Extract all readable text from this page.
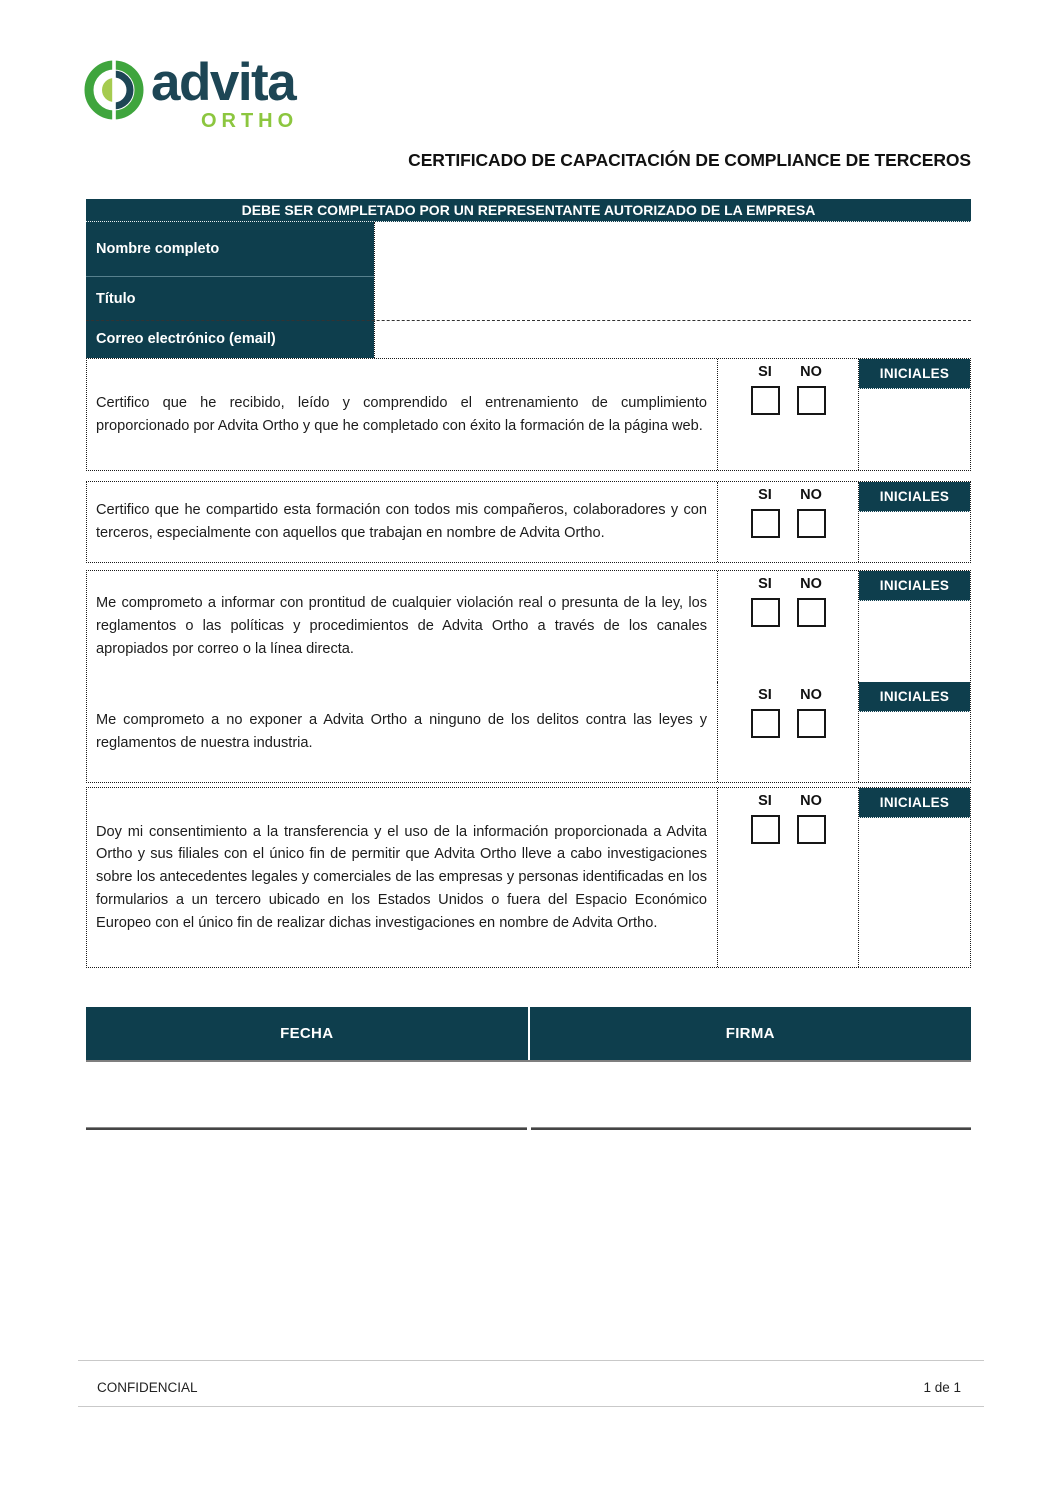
advita
ORTHO
CERTIFICADO DE CAPACITACIÓN DE COMPLIANCE DE TERCEROS
DEBE SER COMPLETADO POR UN REPRESENTANTE AUTORIZADO DE LA EMPRESA
Nombre completo
Título
Correo electrónico (email)
Certifico que he recibido, leído y comprendido el entrenamiento de cumplimiento proporcionado por Advita Ortho y que he completado con éxito la formación de la página web.
SI	NO	INICIALES
Certifico que he compartido esta formación con todos mis compañeros, colaboradores y con terceros, especialmente con aquellos que trabajan en nombre de Advita Ortho.
SI	NO	INICIALES
Me comprometo a informar con prontitud de cualquier violación real o presunta de la ley, los reglamentos o las políticas y procedimientos de Advita Ortho a través de los canales apropiados por correo o la línea directa.
SI	NO	INICIALES
Me comprometo a no exponer a Advita Ortho a ninguno de los delitos contra las leyes y reglamentos de nuestra industria.
SI	NO	INICIALES
Doy mi consentimiento a la transferencia y el uso de la información proporcionada a Advita Ortho y sus filiales con el único fin de permitir que Advita Ortho lleve a cabo investigaciones sobre los antecedentes legales y comerciales de las empresas y personas identificadas en los formularios a un tercero ubicado en los Estados Unidos o fuera del Espacio Económico Europeo con el único fin de realizar dichas investigaciones en nombre de Advita Ortho.
SI	NO	INICIALES
FECHA	FIRMA
CONFIDENCIAL	1 de 1
